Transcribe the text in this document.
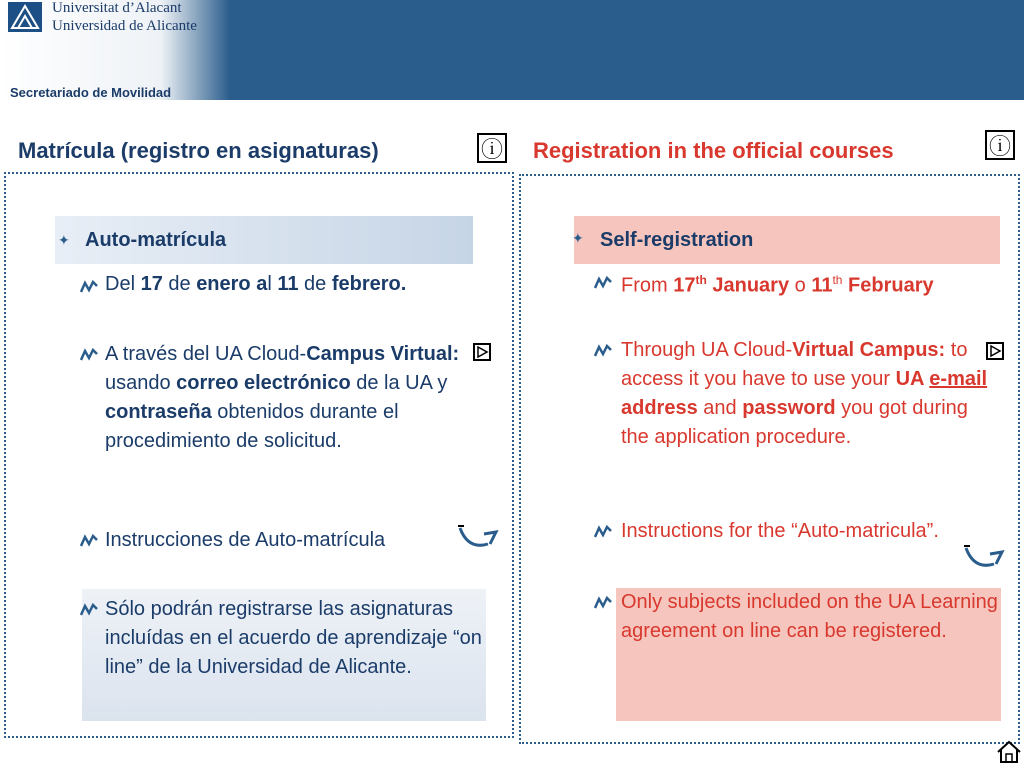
Universitat d’Alacant
Universidad de Alicante
Secretariado de Movilidad
Matrícula (registro en asignaturas)	ⓘ Registration in the official courses	ⓘ
Auto-matrícula
✦	Self-registration
✦
Del 17 de enero al 11 de febrero.
A través del UA Cloud-Campus Virtual: usando correo electrónico de la UA y contraseña obtenidos durante el procedimiento de solicitud.
Instrucciones de Auto-matrícula
Sólo podrán registrarse las asignaturas incluídas en el acuerdo de aprendizaje “on line” de la Universidad de Alicante.
From 17th January o 11th February
Through UA Cloud-Virtual Campus: to access it you have to use your UA e-mail address and password you got during the application procedure.
Instructions for the “Auto-matricula”.
Only subjects included on the UA Learning agreement on line can be registered.
